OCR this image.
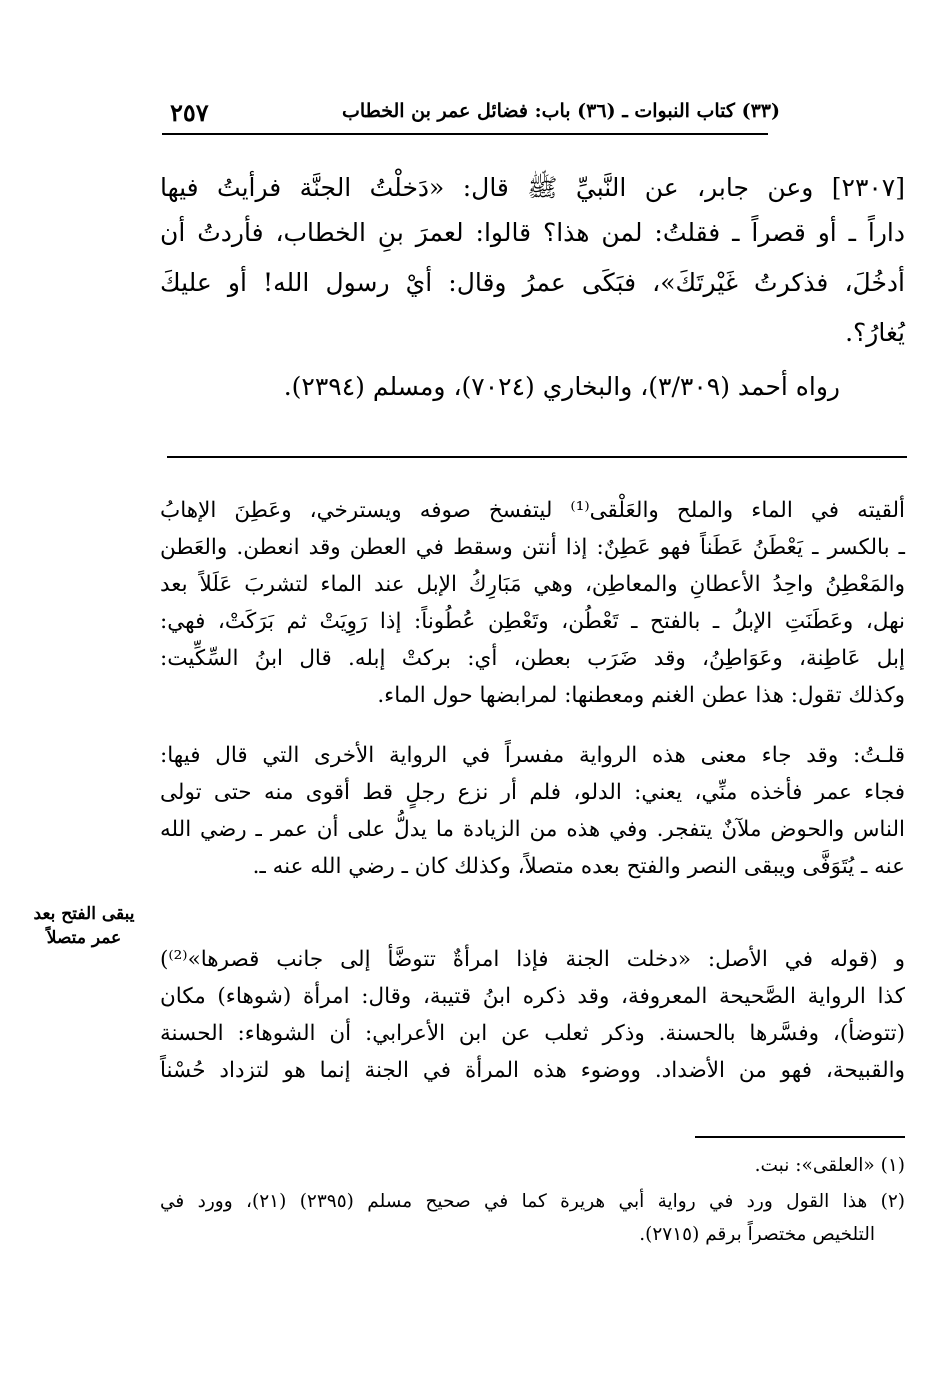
٢٥٧	(٣٣) كتاب النبوات ـ (٣٦) باب: فضائل عمر بن الخطاب
[٢٣٠٧] وعن جابر، عن النَّبيِّ ﷺ قال: «دَخلْتُ الجنَّة فرأيتُ فيها
داراً ـ أو قصراً ـ فقلتُ: لمن هذا؟ قالوا: لعمرَ بنِ الخطاب، فأردتُ أن
أدخُلَ، فذكرتُ غَيْرتَكَ»، فبَكَى عمرُ وقال: أيْ رسول الله! أو عليكَ
يُغارُ؟.
رواه أحمد (٣/٣٠٩)، والبخاري (٧٠٢٤)، ومسلم (٢٣٩٤).
ألقيته في الماء والملح والعَلْقى⁽¹⁾ ليتفسخ صوفه ويسترخي، وعَطِنَ الإهابُ
ـ بالكسر ـ يَعْطَنُ عَطَناً فهو عَطِنٌ: إذا أنتن وسقط في العطن وقد انعطن. والعَطن
والمَعْطِنُ واحِدُ الأعطانِ والمعاطِن، وهي مَبَارِكُ الإبل عند الماء لتشربَ عَلَلاً بعد
نهل، وعَطَنَتِ الإبلُ ـ بالفتح ـ تَعْطُن، وتَعْطِن عُطُوناً: إذا رَوِيَتْ ثم بَرَكَتْ، فهي:
إبل عَاطِنة، وعَوَاطِنُ، وقد ضَرَب بعطن، أي: بركتْ إبله. قال ابنُ السِّكِّيت:
وكذلك تقول: هذا عطن الغنم ومعطنها: لمرابضها حول الماء.
قلـتُ: وقد جاء معنى هذه الرواية مفسراً في الرواية الأخرى التي قال فيها:
فجاء عمر فأخذه منِّي، يعني: الدلو، فلم أر نزع رجلٍ قط أقوى منه حتى تولى
الناس والحوض ملآنٌ يتفجر. وفي هذه من الزيادة ما يدلُّ على أن عمر ـ رضي الله
عنه ـ يُتَوَفَّى ويبقى النصر والفتح بعده متصلاً، وكذلك كان ـ رضي الله عنه ـ.
يبقى الفتح بعد
عمر متصلاً
و (قوله في الأصل: «دخلت الجنة فإذا امرأةٌ تتوضَّأ إلى جانب قصرها»⁽²⁾)
كذا الرواية الصَّحيحة المعروفة، وقد ذكره ابنُ قتيبة، وقال: امرأة (شوهاء) مكان
(تتوضأ)، وفسَّرها بالحسنة. وذكر ثعلب عن ابن الأعرابي: أن الشوهاء: الحسنة
والقبيحة، فهو من الأضداد. ووضوء هذه المرأة في الجنة إنما هو لتزداد حُسْناً
(١) «العلقى»: نبت.
(٢) هذا القول ورد في رواية أبي هريرة كما في صحيح مسلم (٢٣٩٥) (٢١)، وورد في
التلخيص مختصراً برقم (٢٧١٥).
